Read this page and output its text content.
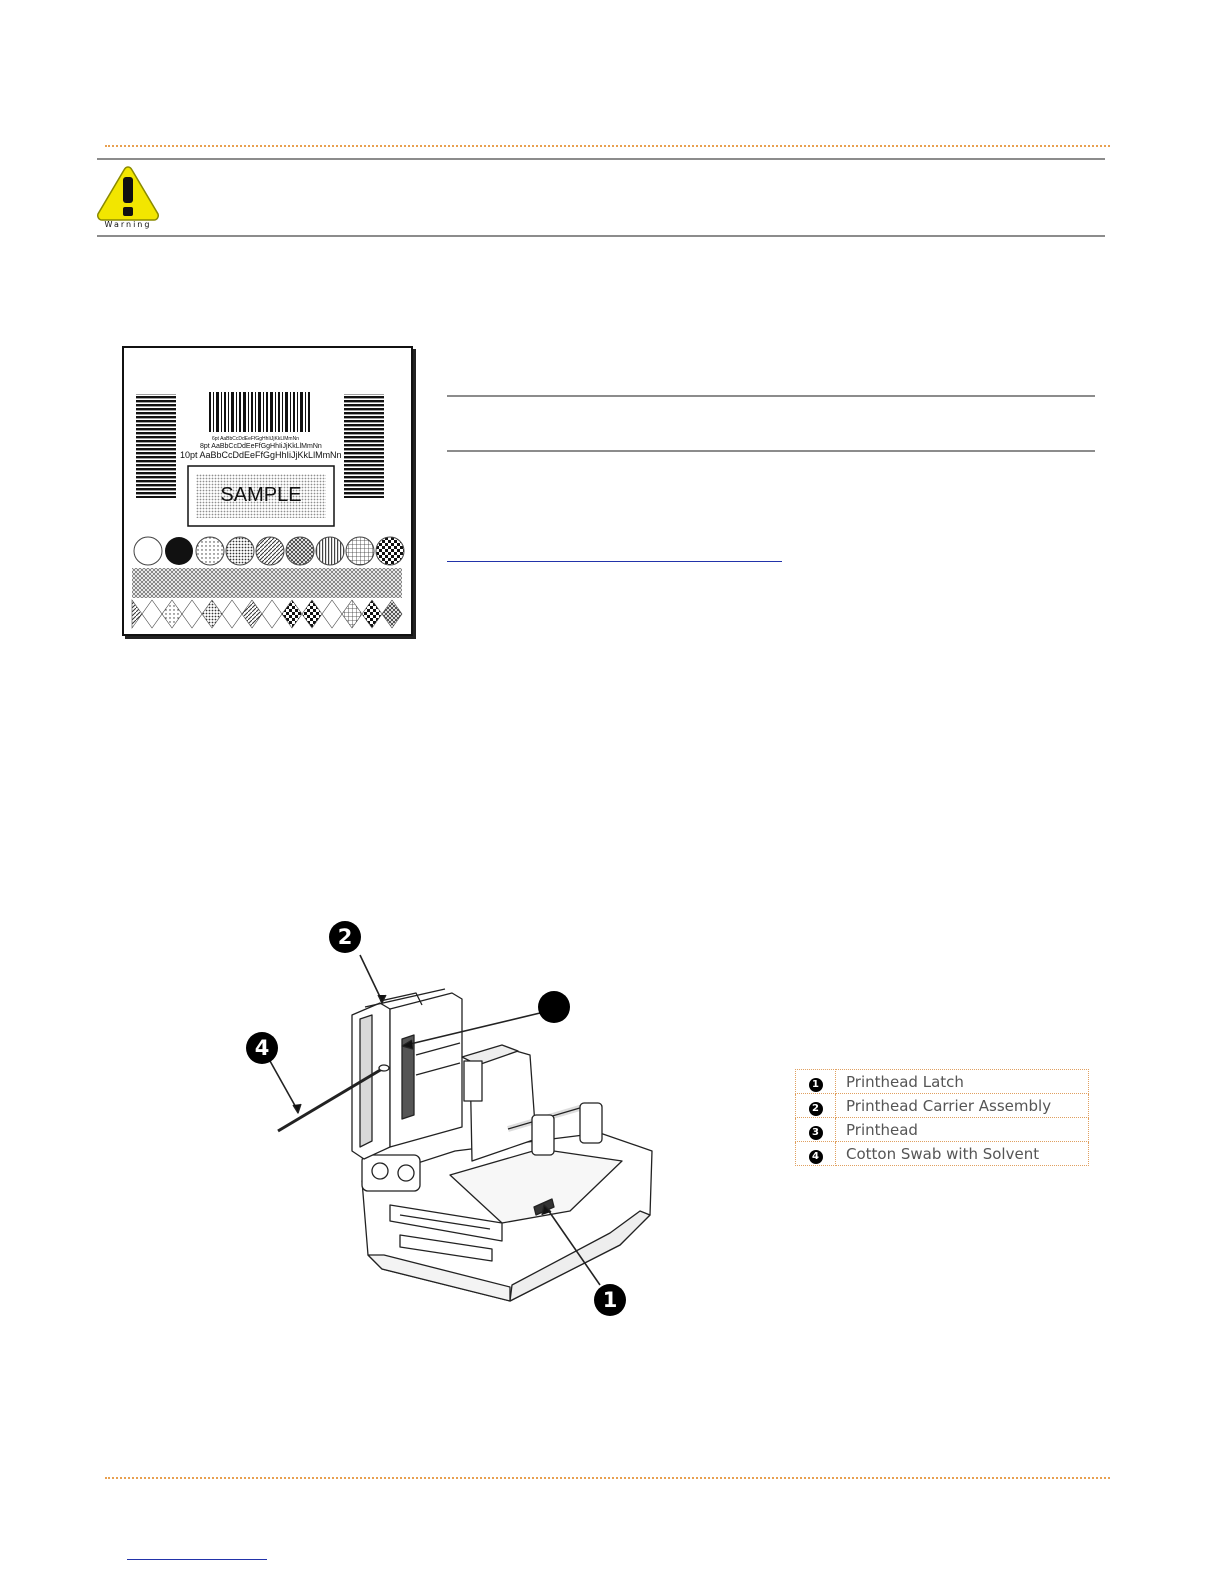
Warning
6pt AaBbCcDdEeFfGgHhIiJjKkLlMmNn
8pt AaBbCcDdEeFfGgHhIiJjKkLlMmNn
10pt AaBbCcDdEeFfGgHhIiJjKkLlMmNn
SAMPLE
2
4
1
1	Printhead Latch
2	Printhead Carrier Assembly
3	Printhead
4	Cotton Swab with Solvent
